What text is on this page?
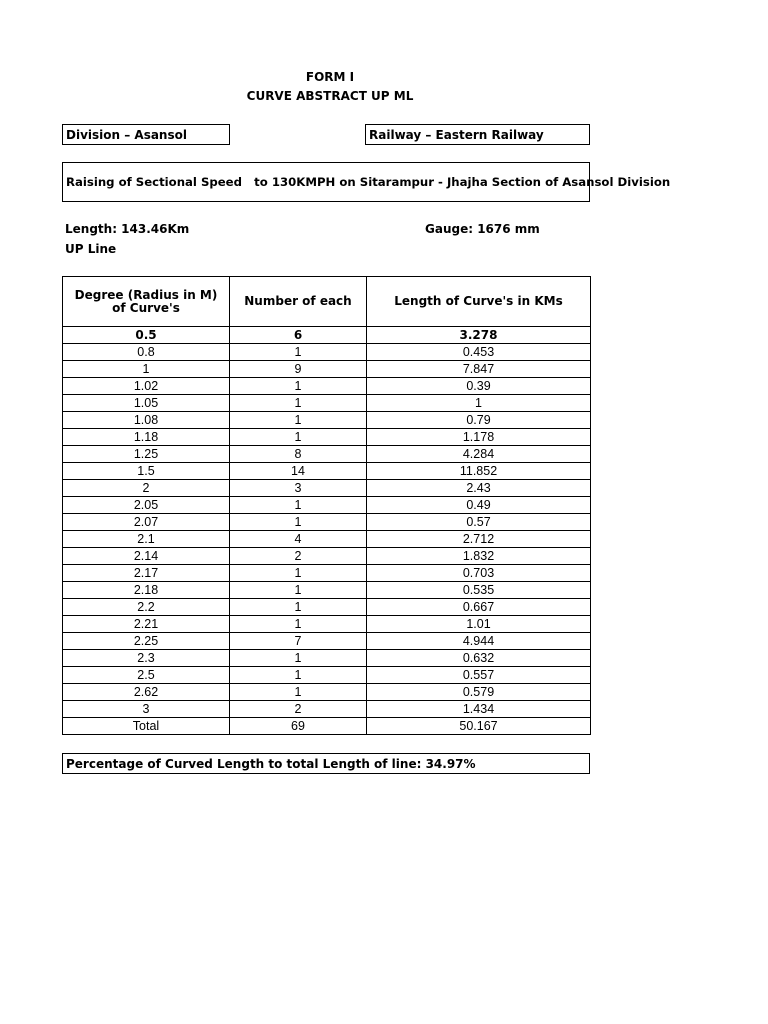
FORM I
CURVE ABSTRACT UP ML
Division – Asansol	Railway – Eastern Railway
Raising of Sectional Speed   to 130KMPH on Sitarampur - Jhajha Section of Asansol Division
Length: 143.46Km	Gauge: 1676 mm
UP Line
Degree (Radius in M) of Curve's	Number of each	Length of Curve's in KMs
0.5	6	3.278
0.8	1	0.453
1	9	7.847
1.02	1	0.39
1.05	1	1
1.08	1	0.79
1.18	1	1.178
1.25	8	4.284
1.5	14	11.852
2	3	2.43
2.05	1	0.49
2.07	1	0.57
2.1	4	2.712
2.14	2	1.832
2.17	1	0.703
2.18	1	0.535
2.2	1	0.667
2.21	1	1.01
2.25	7	4.944
2.3	1	0.632
2.5	1	0.557
2.62	1	0.579
3	2	1.434
Total	69	50.167
Percentage of Curved Length to total Length of line: 34.97%
